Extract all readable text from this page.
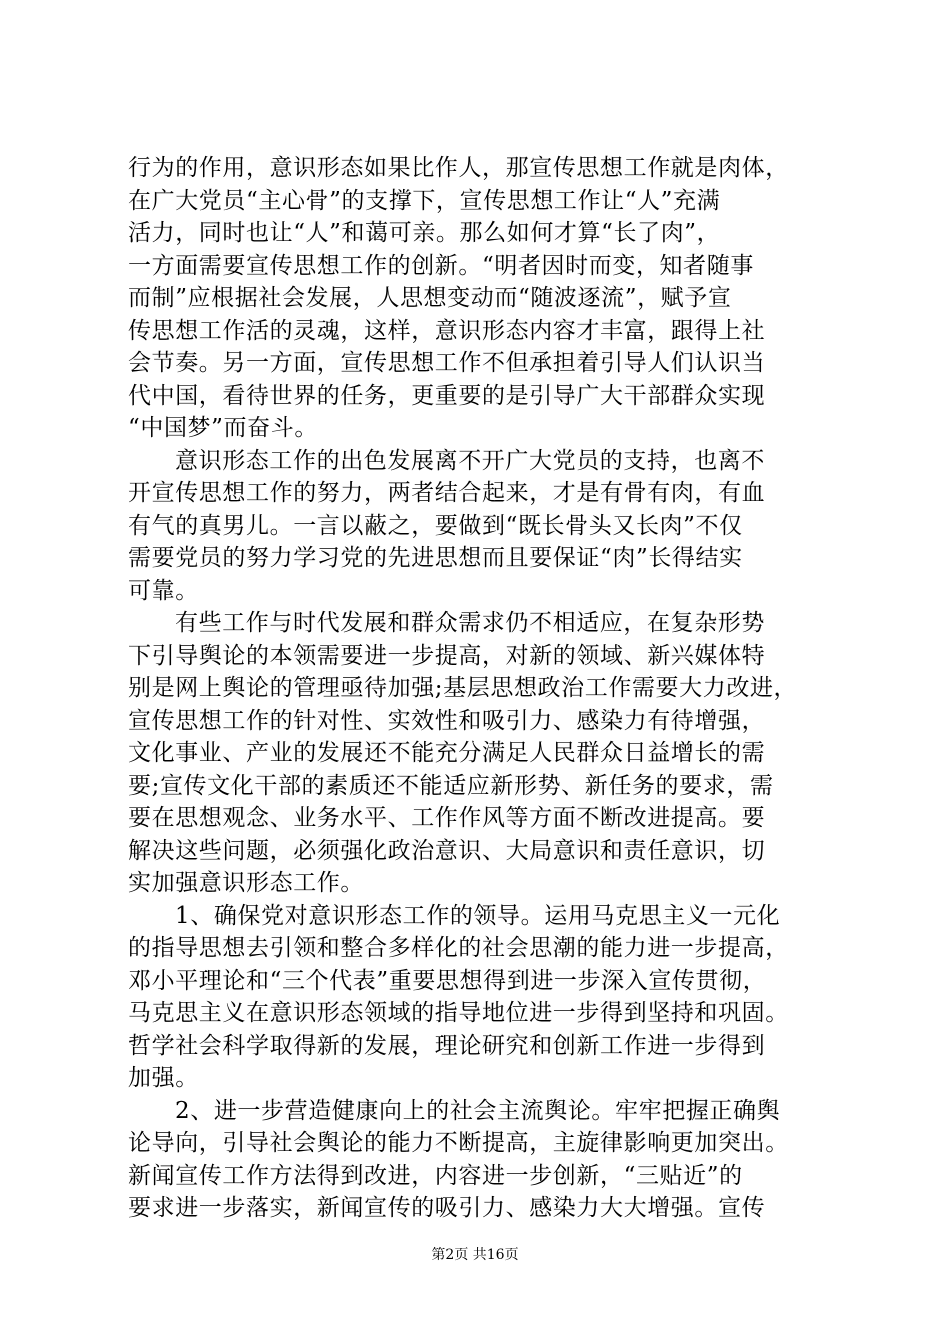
行为的作用，意识形态如果比作人，那宣传思想工作就是肉体，
在广大党员“主心骨”的支撑下，宣传思想工作让“人”充满
活力，同时也让“人”和蔼可亲。那么如何才算“长了肉”，
一方面需要宣传思想工作的创新。“明者因时而变，知者随事
而制”应根据社会发展，人思想变动而“随波逐流”，赋予宣
传思想工作活的灵魂，这样，意识形态内容才丰富，跟得上社
会节奏。另一方面，宣传思想工作不但承担着引导人们认识当
代中国，看待世界的任务，更重要的是引导广大干部群众实现
“中国梦”而奋斗。
意识形态工作的出色发展离不开广大党员的支持，也离不
开宣传思想工作的努力，两者结合起来，才是有骨有肉，有血
有气的真男儿。一言以蔽之，要做到“既长骨头又长肉”不仅
需要党员的努力学习党的先进思想而且要保证“肉”长得结实
可靠。
有些工作与时代发展和群众需求仍不相适应，在复杂形势
下引导舆论的本领需要进一步提高，对新的领域、新兴媒体特
别是网上舆论的管理亟待加强;基层思想政治工作需要大力改进，
宣传思想工作的针对性、实效性和吸引力、感染力有待增强，
文化事业、产业的发展还不能充分满足人民群众日益增长的需
要;宣传文化干部的素质还不能适应新形势、新任务的要求，需
要在思想观念、业务水平、工作作风等方面不断改进提高。要
解决这些问题，必须强化政治意识、大局意识和责任意识，切
实加强意识形态工作。
1、确保党对意识形态工作的领导。运用马克思主义一元化
的指导思想去引领和整合多样化的社会思潮的能力进一步提高，
邓小平理论和“三个代表”重要思想得到进一步深入宣传贯彻，
马克思主义在意识形态领域的指导地位进一步得到坚持和巩固。
哲学社会科学取得新的发展，理论研究和创新工作进一步得到
加强。
2、进一步营造健康向上的社会主流舆论。牢牢把握正确舆
论导向，引导社会舆论的能力不断提高，主旋律影响更加突出。
新闻宣传工作方法得到改进，内容进一步创新，“三贴近”的
要求进一步落实，新闻宣传的吸引力、感染力大大增强。宣传
第2页 共16页
